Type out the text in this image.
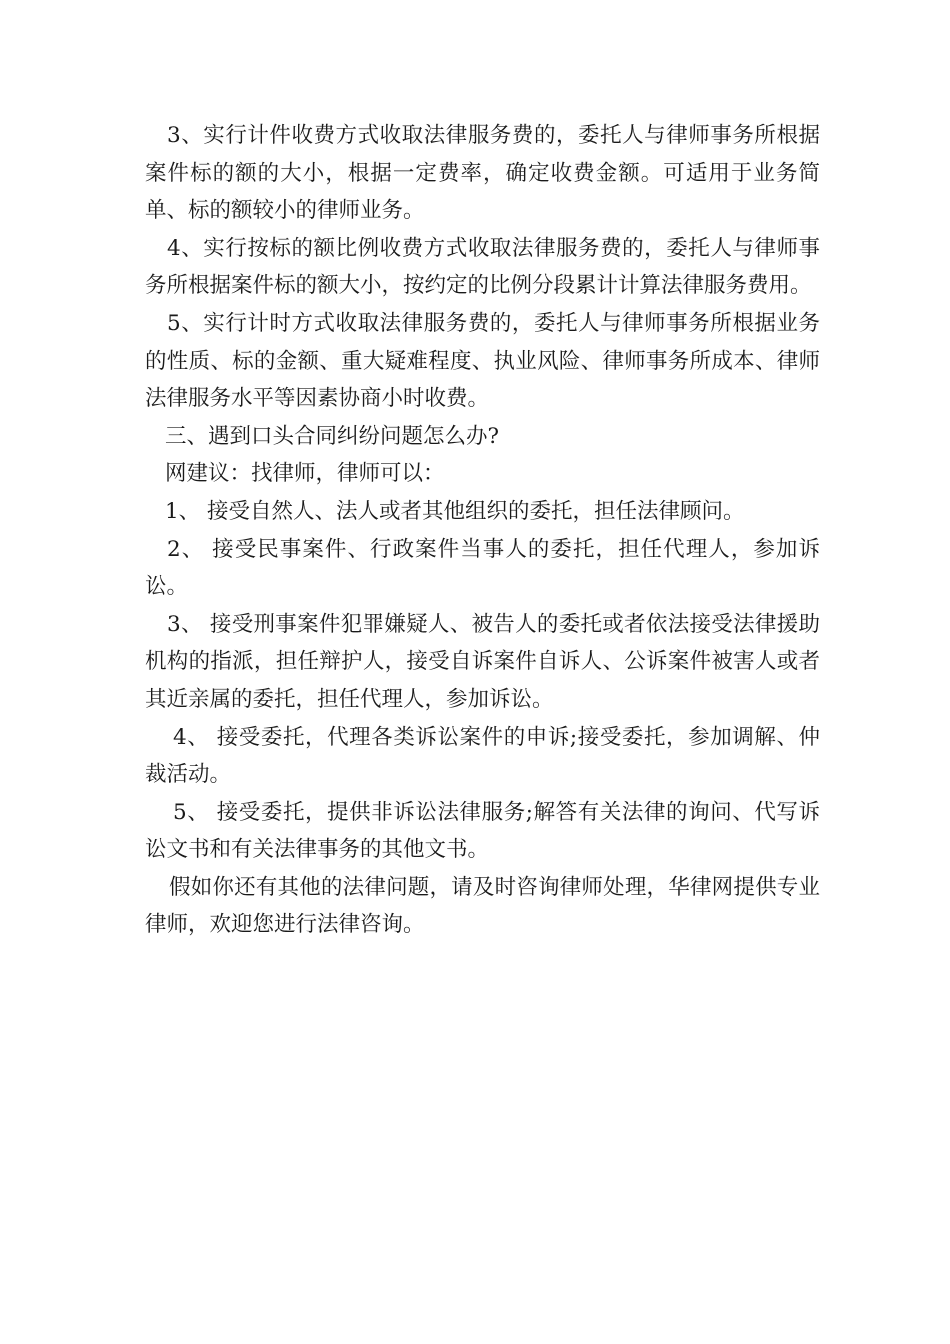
3、实行计件收费方式收取法律服务费的，委托人与律师事务所根据案件标的额的大小，根据一定费率，确定收费金额。可适用于业务简单、标的额较小的律师业务。

4、实行按标的额比例收费方式收取法律服务费的，委托人与律师事务所根据案件标的额大小，按约定的比例分段累计计算法律服务费用。

5、实行计时方式收取法律服务费的，委托人与律师事务所根据业务的性质、标的金额、重大疑难程度、执业风险、律师事务所成本、律师法律服务水平等因素协商小时收费。

三、遇到口头合同纠纷问题怎么办?

网建议：找律师，律师可以：

1、 接受自然人、法人或者其他组织的委托，担任法律顾问。

2、 接受民事案件、行政案件当事人的委托，担任代理人，参加诉讼。

3、 接受刑事案件犯罪嫌疑人、被告人的委托或者依法接受法律援助机构的指派，担任辩护人，接受自诉案件自诉人、公诉案件被害人或者其近亲属的委托，担任代理人，参加诉讼。

4、 接受委托，代理各类诉讼案件的申诉;接受委托，参加调解、仲裁活动。

5、 接受委托，提供非诉讼法律服务;解答有关法律的询问、代写诉讼文书和有关法律事务的其他文书。

假如你还有其他的法律问题，请及时咨询律师处理，华律网提供专业律师，欢迎您进行法律咨询。
